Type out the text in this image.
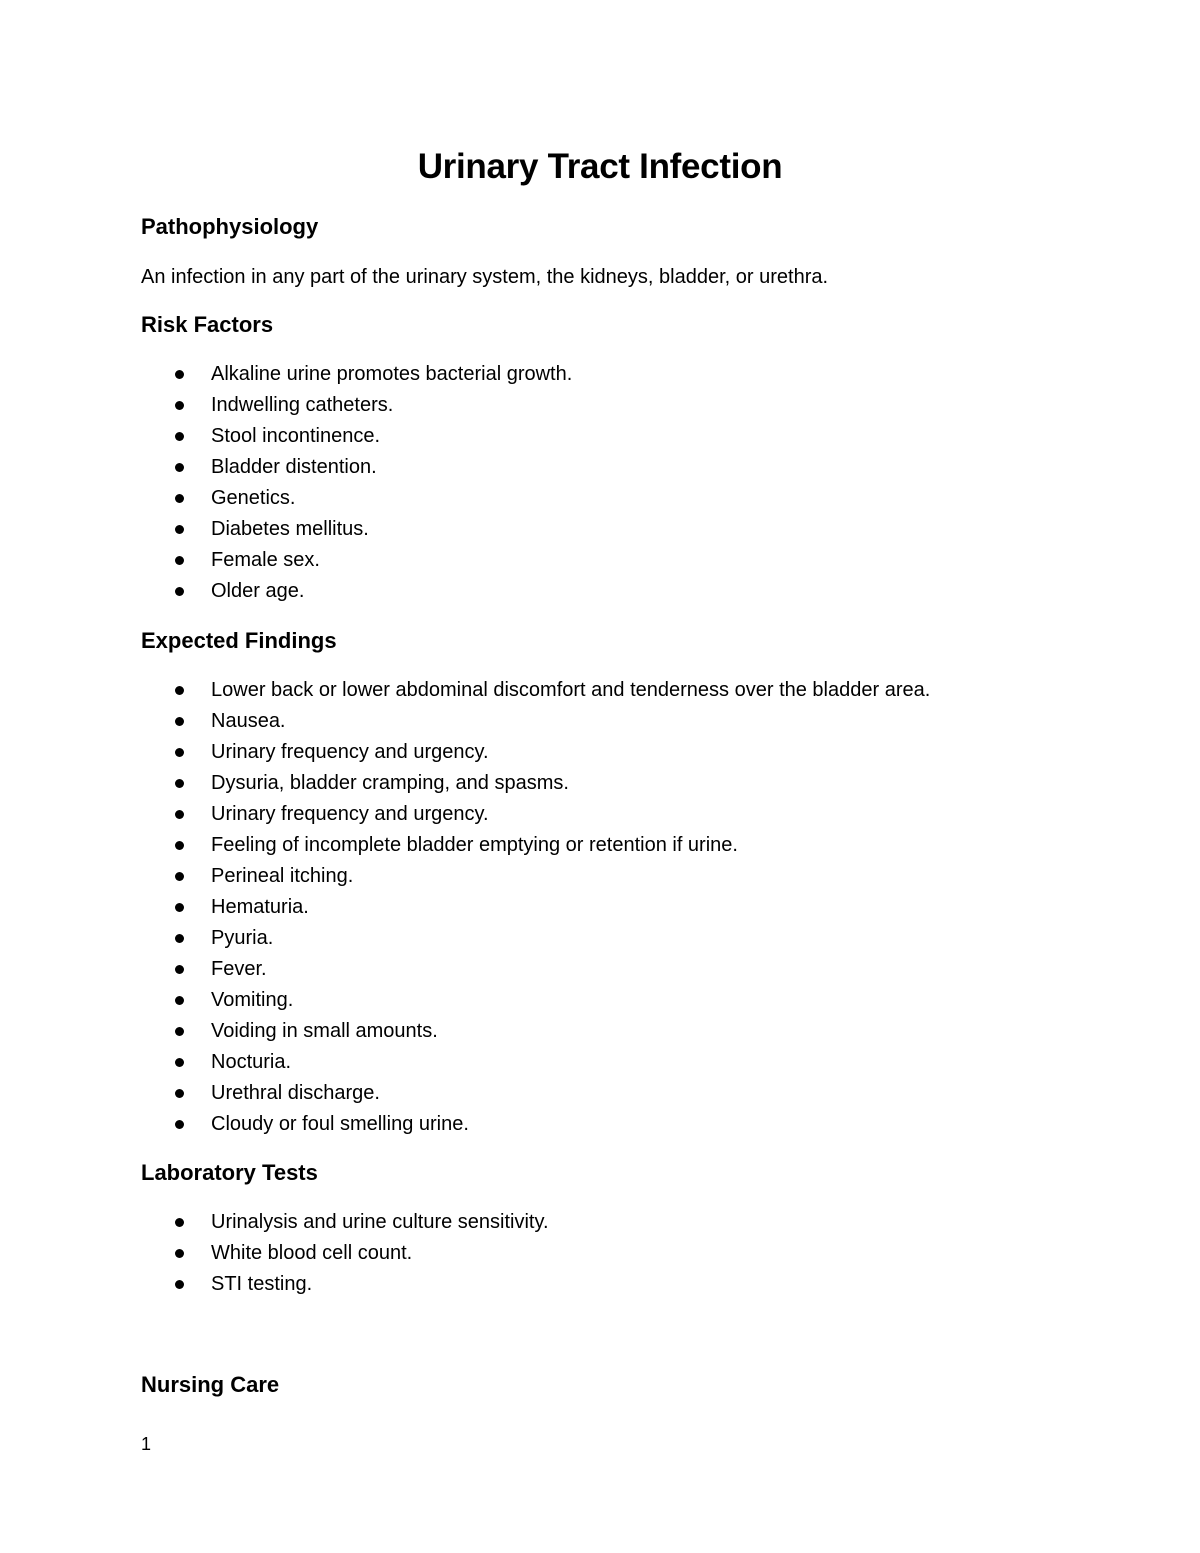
Urinary Tract Infection
Pathophysiology

An infection in any part of the urinary system, the kidneys, bladder, or urethra.

Risk Factors
Alkaline urine promotes bacterial growth.
Indwelling catheters.
Stool incontinence.
Bladder distention.
Genetics.
Diabetes mellitus.
Female sex.
Older age.
Expected Findings
Lower back or lower abdominal discomfort and tenderness over the bladder area.
Nausea.
Urinary frequency and urgency.
Dysuria, bladder cramping, and spasms.
Urinary frequency and urgency.
Feeling of incomplete bladder emptying or retention if urine.
Perineal itching.
Hematuria.
Pyuria.
Fever.
Vomiting.
Voiding in small amounts.
Nocturia.
Urethral discharge.
Cloudy or foul smelling urine.
Laboratory Tests
Urinalysis and urine culture sensitivity.
White blood cell count.
STI testing.
Nursing Care
1
